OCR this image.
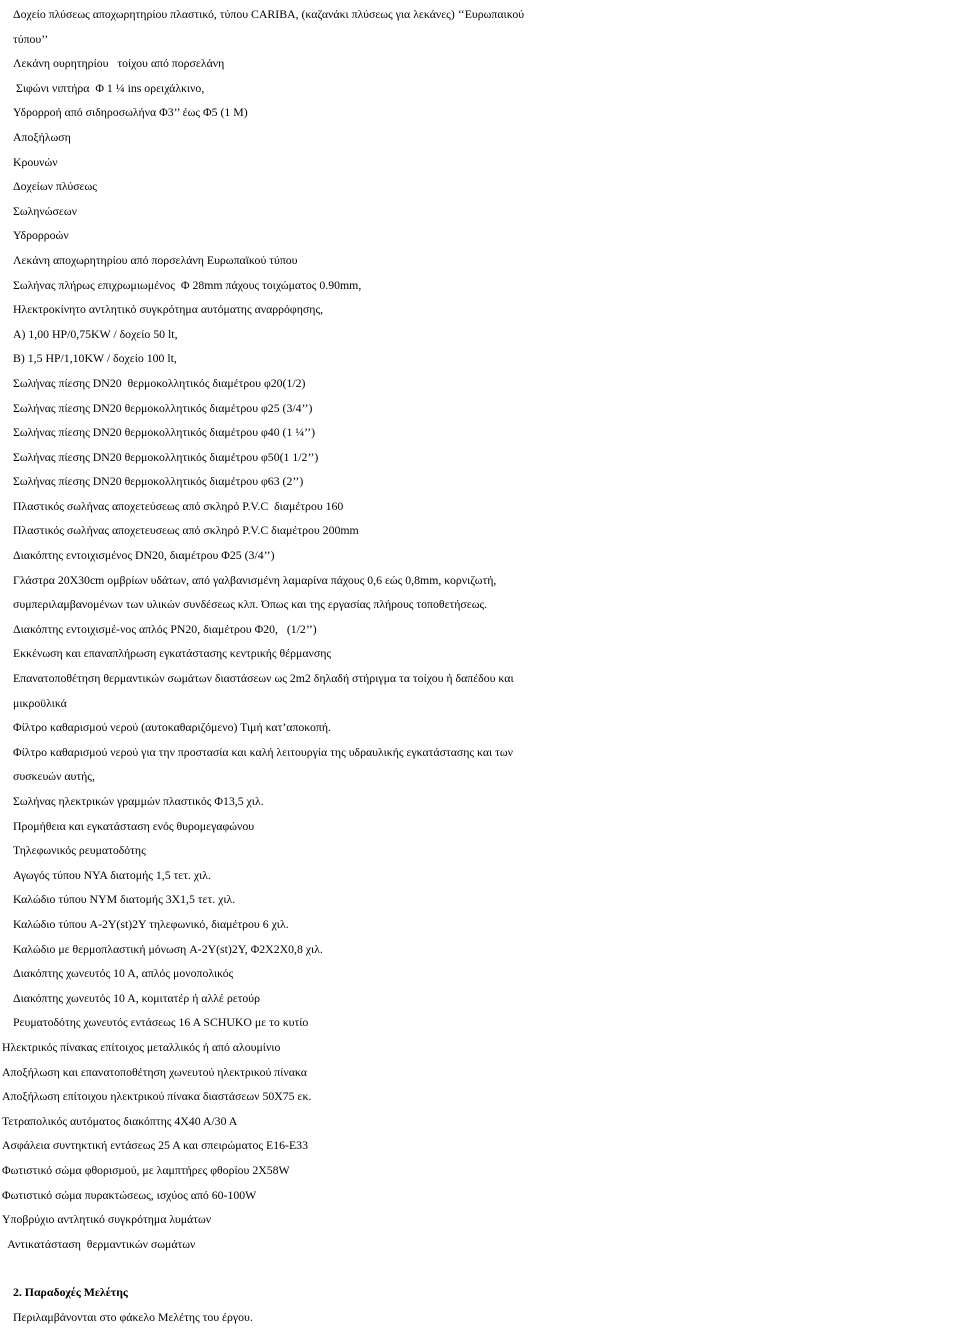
Δοχείο πλύσεως αποχωρητηρίου πλαστικό, τύπου CARIBA, (καζανάκι πλύσεως για λεκάνες) ‘‘Ευρωπαικού
τύπου’’
Λεκάνη ουρητηρίου   τοίχου από πορσελάνη
Σιφώνι νιπτήρα  Φ 1 ¼ ins ορειχάλκινο,
Υδρορροή από σιδηροσωλήνα Φ3’’ έως Φ5 (1 M)
Αποξήλωση
Κρουνών
Δοχείων πλύσεως
Σωληνώσεων
Υδρορροών
Λεκάνη αποχωρητηρίου από πορσελάνη Ευρωπαϊκού τύπου
Σωλήνας πλήρως επιχρωμιωμένος  Φ 28mm πάχους τοιχώματος 0.90mm,
Ηλεκτροκίνητο αντλητικό συγκρότημα αυτόματης αναρρόφησης,
Α) 1,00 HP/0,75KW / δοχείο 50 lt,
Β) 1,5 HP/1,10KW / δοχείο 100 lt,
Σωλήνας πίεσης DN20  θερμοκολλητικός διαμέτρου φ20(1/2)
Σωλήνας πίεσης DN20 θερμοκολλητικός διαμέτρου φ25 (3/4’’)
Σωλήνας πίεσης DN20 θερμοκολλητικός διαμέτρου φ40 (1 ¼’’)
Σωλήνας πίεσης DN20 θερμοκολλητικός διαμέτρου φ50(1 1/2’’)
Σωλήνας πίεσης DN20 θερμοκολλητικός διαμέτρου φ63 (2’’)
Πλαστικός σωλήνας αποχετεύσεως από σκληρό P.V.C  διαμέτρου 160
Πλαστικός σωλήνας αποχετευσεως από σκληρό P.V.C διαμέτρου 200mm
Διακόπτης εντοιχισμένος DN20, διαμέτρου Φ25 (3/4’’)
Γλάστρα 20Χ30cm ομβρίων υδάτων, από γαλβανισμένη λαμαρίνα πάχους 0,6 εώς 0,8mm, κορνιζωτή,
συμπεριλαμβανομένων των υλικών συνδέσεως κλπ. Όπως και της εργασίας πλήρους τοποθετήσεως.
Διακόπτης εντοιχισμέ-νος απλός PN20, διαμέτρου Φ20,   (1/2’’)
Εκκένωση και επαναπλήρωση εγκατάστασης κεντρικής θέρμανσης
Επανατοποθέτηση θερμαντικών σωμάτων διαστάσεων ως 2m2 δηλαδή στήριγμα τα τοίχου ή δαπέδου και
μικροϋλικά
Φίλτρο καθαρισμού νερού (αυτοκαθαριζόμενο) Τιμή κατ’αποκοπή.
Φίλτρο καθαρισμού νερού για την προστασία και καλή λειτουργία της υδραυλικής εγκατάστασης και των
συσκευών αυτής,
Σωλήνας ηλεκτρικών γραμμών πλαστικός Φ13,5 χιλ.
Προμήθεια και εγκατάσταση ενός θυρομεγαφώνου
Τηλεφωνικός ρευματοδότης
Αγωγός τύπου NYA διατομής 1,5 τετ. χιλ.
Καλώδιο τύπου NYM διατομής 3X1,5 τετ. χιλ.
Καλώδιο τύπου A-2Y(st)2Y τηλεφωνικό, διαμέτρου 6 χιλ.
Καλώδιο με θερμοπλαστική μόνωση A-2Y(st)2Y, Φ2Χ2Χ0,8 χιλ.
Διακόπτης χωνευτός 10 Α, απλός μονοπολικός
Διακόπτης χωνευτός 10 Α, κομιτατέρ ή αλλέ ρετούρ
Ρευματοδότης χωνευτός εντάσεως 16 Α SCHUKO με το κυτίο
Ηλεκτρικός πίνακας επίτοιχος μεταλλικός ή από αλουμίνιο
Αποξήλωση και επανατοποθέτηση χωνευτού ηλεκτρικού πίνακα
Αποξήλωση επίτοιχου ηλεκτρικού πίνακα διαστάσεων 50Χ75 εκ.
Τετραπολικός αυτόματος διακόπτης 4Χ40 Α/30 Α
Ασφάλεια συντηκτική εντάσεως 25 Α και σπειρώματος Ε16-Ε33
Φωτιστικό σώμα φθορισμού, με λαμπτήρες φθορίου 2Χ58W
Φωτιστικό σώμα πυρακτώσεως, ισχύος από 60-100W
Υποβρύχιο αντλητικό συγκρότημα λυμάτων
Αντικατάσταση  θερμαντικών σωμάτων
2. Παραδοχές Μελέτης
Περιλαμβάνονται στο φάκελο Μελέτης του έργου.
